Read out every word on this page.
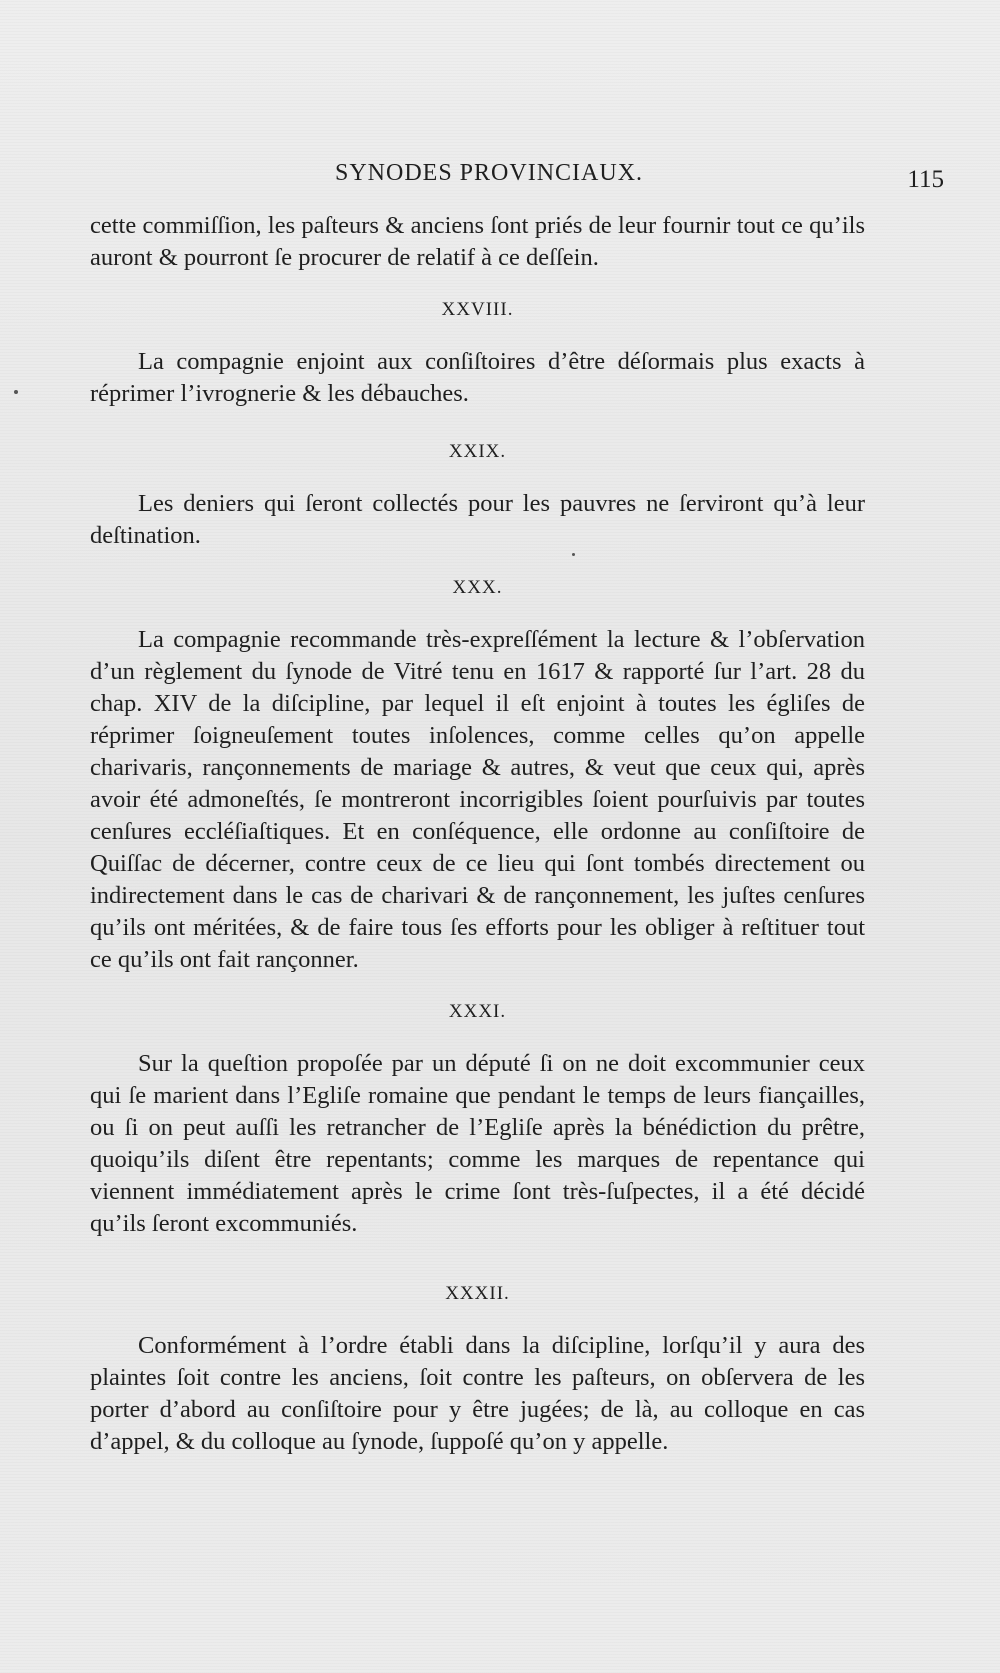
SYNODES PROVINCIAUX.	115

cette commiſſion, les paſteurs & anciens ſont priés de leur fournir tout ce qu’ils auront & pourront ſe procurer de relatif à ce deſſein.

XXVIII.

La compagnie enjoint aux conſiſtoires d’être déſormais plus exacts à réprimer l’ivrognerie & les débauches.

XXIX.

Les deniers qui ſeront collectés pour les pauvres ne ſerviront qu’à leur deſtination.

XXX.

La compagnie recommande très-expreſſément la lecture & l’obſervation d’un règlement du ſynode de Vitré tenu en 1617 & rapporté ſur l’art. 28 du chap. XIV de la diſcipline, par lequel il eſt enjoint à toutes les égliſes de réprimer ſoigneuſement toutes inſolences, comme celles qu’on appelle charivaris, rançonnements de mariage & autres, & veut que ceux qui, après avoir été admoneſtés, ſe montreront incorrigibles ſoient pourſuivis par toutes cenſures eccléſiaſtiques. Et en conſéquence, elle ordonne au conſiſtoire de Quiſſac de décerner, contre ceux de ce lieu qui ſont tombés directement ou indirectement dans le cas de charivari & de rançonnement, les juſtes cenſures qu’ils ont méritées, & de faire tous ſes efforts pour les obliger à reſtituer tout ce qu’ils ont fait rançonner.

XXXI.

Sur la queſtion propoſée par un député ſi on ne doit excommunier ceux qui ſe marient dans l’Egliſe romaine que pendant le temps de leurs fiançailles, ou ſi on peut auſſi les retrancher de l’Egliſe après la bénédiction du prêtre, quoiqu’ils diſent être repentants; comme les marques de repentance qui viennent immédiatement après le crime ſont très-ſuſpectes, il a été décidé qu’ils ſeront excommuniés.

XXXII.

Conformément à l’ordre établi dans la diſcipline, lorſqu’il y aura des plaintes ſoit contre les anciens, ſoit contre les paſteurs, on obſervera de les porter d’abord au conſiſtoire pour y être jugées; de là, au colloque en cas d’appel, & du colloque au ſynode, ſuppoſé qu’on y appelle.
